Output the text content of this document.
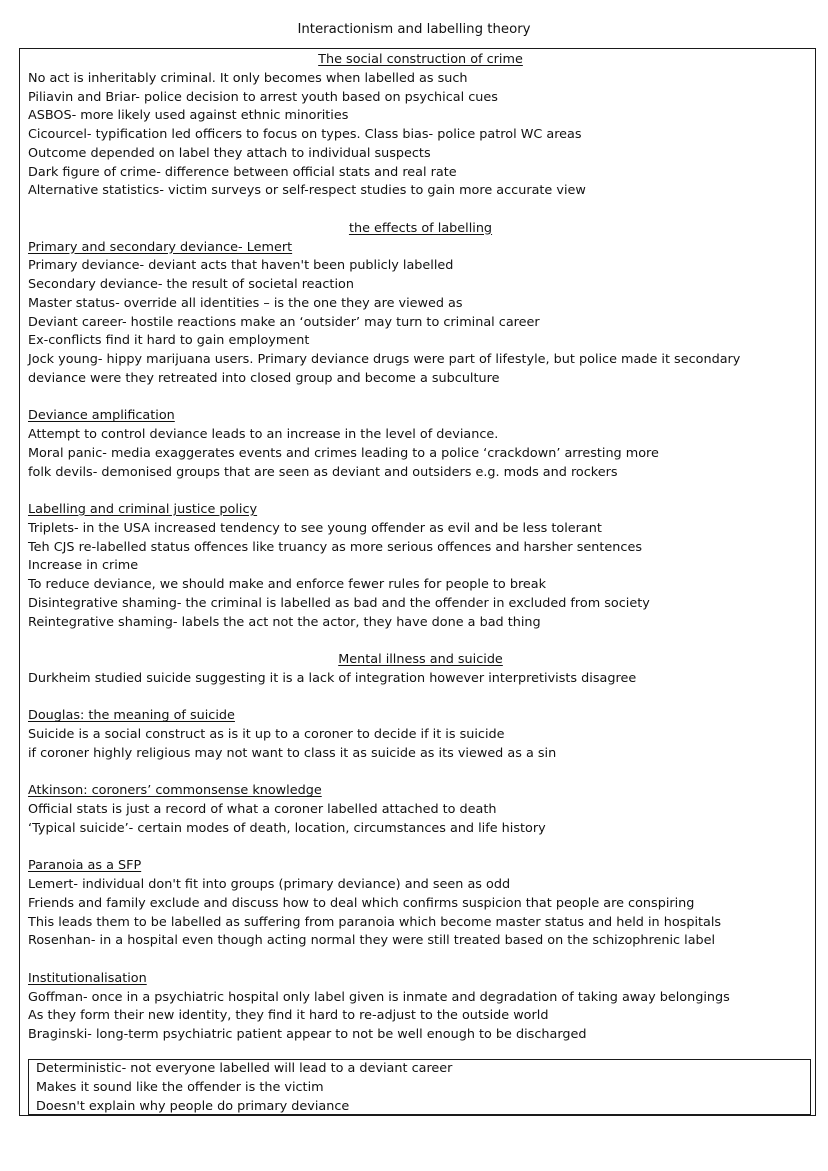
Interactionism and labelling theory
The social construction of crime
No act is inheritably criminal. It only becomes when labelled as such
Piliavin and Briar- police decision to arrest youth based on psychical cues
ASBOS- more likely used against ethnic minorities
Cicourcel- typification led officers to focus on types. Class bias- police patrol WC areas
Outcome depended on label they attach to individual suspects
Dark figure of crime- difference between official stats and real rate
Alternative statistics- victim surveys or self-respect studies to gain more accurate view
the effects of labelling
Primary and secondary deviance- Lemert
Primary deviance- deviant acts that haven't been publicly labelled
Secondary deviance- the result of societal reaction
Master status- override all identities – is the one they are viewed as
Deviant career- hostile reactions make an ‘outsider’ may turn to criminal career
Ex-conflicts find it hard to gain employment
Jock young- hippy marijuana users. Primary deviance drugs were part of lifestyle, but police made it secondary
deviance were they retreated into closed group and become a subculture
Deviance amplification
Attempt to control deviance leads to an increase in the level of deviance.
Moral panic- media exaggerates events and crimes leading to a police ‘crackdown’ arresting more
folk devils- demonised groups that are seen as deviant and outsiders e.g. mods and rockers
Labelling and criminal justice policy
Triplets- in the USA increased tendency to see young offender as evil and be less tolerant
Teh CJS re-labelled status offences like truancy as more serious offences and harsher sentences
Increase in crime
To reduce deviance, we should make and enforce fewer rules for people to break
Disintegrative shaming- the criminal is labelled as bad and the offender in excluded from society
Reintegrative shaming- labels the act not the actor, they have done a bad thing
Mental illness and suicide
Durkheim studied suicide suggesting it is a lack of integration however interpretivists disagree
Douglas: the meaning of suicide
Suicide is a social construct as is it up to a coroner to decide if it is suicide
if coroner highly religious may not want to class it as suicide as its viewed as a sin
Atkinson: coroners’ commonsense knowledge
Official stats is just a record of what a coroner labelled attached to death
‘Typical suicide’- certain modes of death, location, circumstances and life history
Paranoia as a SFP
Lemert- individual don't fit into groups (primary deviance) and seen as odd
Friends and family exclude and discuss how to deal which confirms suspicion that people are conspiring
This leads them to be labelled as suffering from paranoia which become master status and held in hospitals
Rosenhan- in a hospital even though acting normal they were still treated based on the schizophrenic label
Institutionalisation
Goffman- once in a psychiatric hospital only label given is inmate and degradation of taking away belongings
As they form their new identity, they find it hard to re-adjust to the outside world
Braginski- long-term psychiatric patient appear to not be well enough to be discharged
Deterministic- not everyone labelled will lead to a deviant career
Makes it sound like the offender is the victim
Doesn't explain why people do primary deviance
